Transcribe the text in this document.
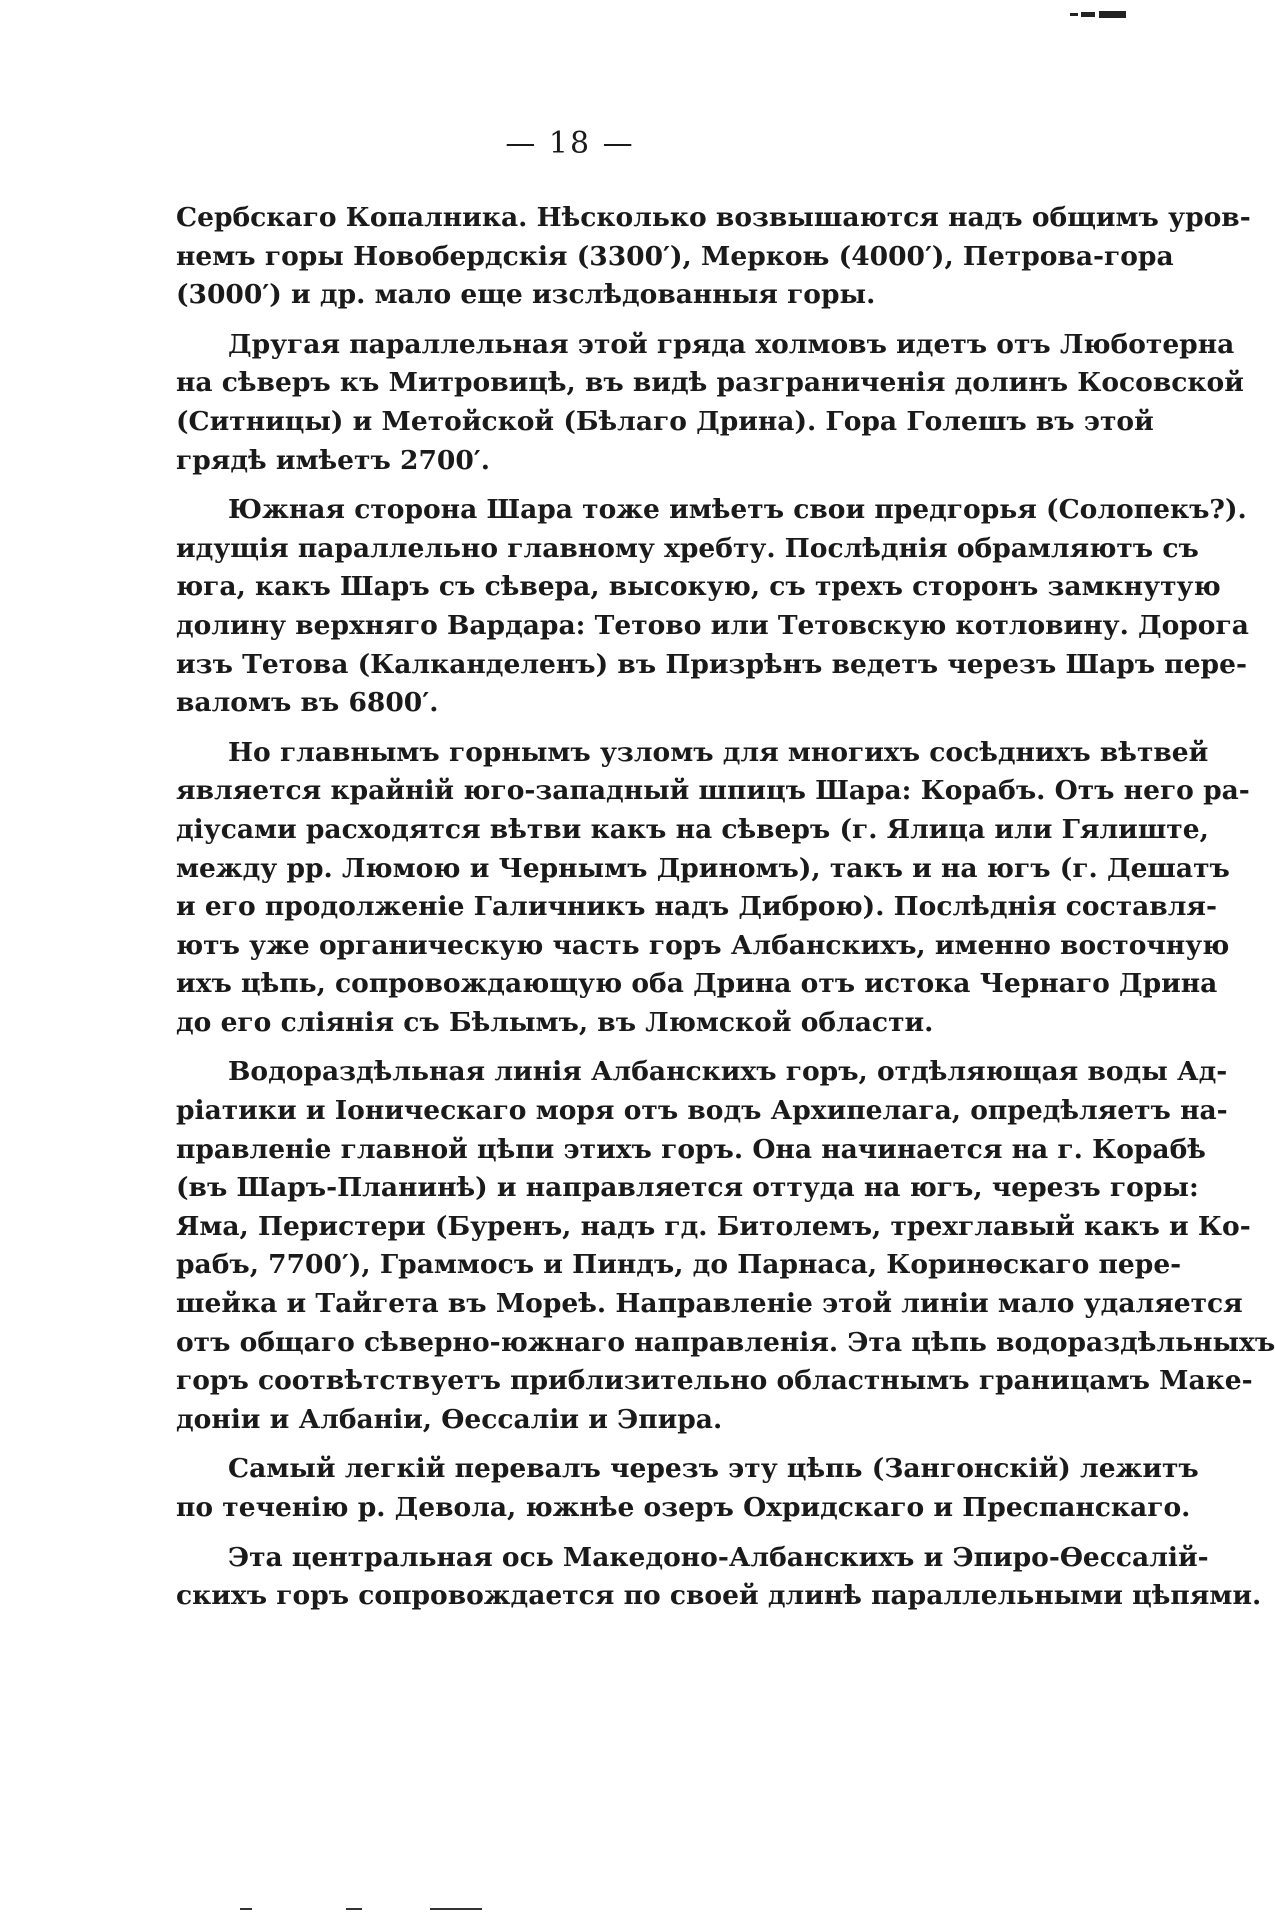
— 18 —
Сербскаго Копалника. Нѣсколько возвышаются надъ общимъ уров-
немъ горы Новобердскія (3300′), Меркоњ (4000′), Петрова-гора
(3000′) и др. мало еще изслѣдованныя горы.
Другая параллельная этой гряда холмовъ идетъ отъ Люботерна
на сѣверъ къ Митровицѣ, въ видѣ разграниченія долинъ Косовской
(Ситницы) и Метойской (Бѣлаго Дрина). Гора Голешъ въ этой
грядѣ имѣетъ 2700′.
Южная сторона Шара тоже имѣетъ свои предгорья (Солопекъ?).
идущія параллельно главному хребту. Послѣднія обрамляютъ съ
юга, какъ Шаръ съ сѣвера, высокую, съ трехъ сторонъ замкнутую
долину верхняго Вардара: Тетово или Тетовскую котловину. Дорога
изъ Тетова (Калканделенъ) въ Призрѣнъ ведетъ черезъ Шаръ пере-
валомъ въ 6800′.
Но главнымъ горнымъ узломъ для многихъ сосѣднихъ вѣтвей
является крайній юго-западный шпицъ Шара: Корабъ. Отъ него ра-
діусами расходятся вѣтви какъ на сѣверъ (г. Ялица или Гялиште,
между рр. Люмою и Чернымъ Дриномъ), такъ и на югъ (г. Дешатъ
и его продолженіе Галичникъ надъ Диброю). Послѣднія составля-
ютъ уже органическую часть горъ Албанскихъ, именно восточную
ихъ цѣпь, сопровождающую оба Дрина отъ истока Чернаго Дрина
до его сліянія съ Бѣлымъ, въ Люмской области.
Водораздѣльная линія Албанскихъ горъ, отдѣляющая воды Ад-
ріатики и Іоническаго моря отъ водъ Архипелага, опредѣляетъ на-
правленіе главной цѣпи этихъ горъ. Она начинается на г. Корабѣ
(въ Шаръ-Планинѣ) и направляется оттуда на югъ, черезъ горы:
Яма, Перистери (Буренъ, надъ гд. Битолемъ, трехглавый какъ и Ко-
рабъ, 7700′), Граммосъ и Пиндъ, до Парнаса, Коринѳскаго пере-
шейка и Тайгета въ Мореѣ. Направленіе этой линіи мало удаляется
отъ общаго сѣверно-южнаго направленія. Эта цѣпь водораздѣльныхъ
горъ соотвѣтствуетъ приблизительно областнымъ границамъ Маке-
доніи и Албаніи, Ѳессаліи и Эпира.
Самый легкій перевалъ черезъ эту цѣпь (Зангонскій) лежитъ
по теченію р. Девола, южнѣе озеръ Охридскаго и Преспанскаго.
Эта центральная ось Македоно-Албанскихъ и Эпиро-Ѳессалій-
скихъ горъ сопровождается по своей длинѣ параллельными цѣпями.
